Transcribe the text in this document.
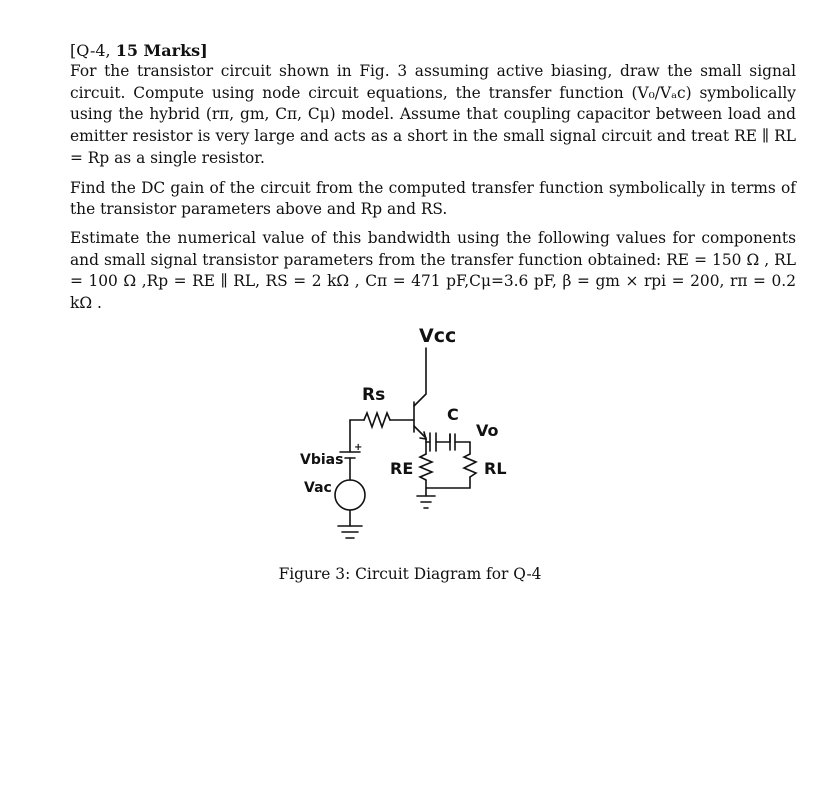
[Q-4, 15 Marks]

For the transistor circuit shown in Fig. 3 assuming active biasing, draw the small signal circuit. Compute using node circuit equations, the transfer function (V₀/Vₐc) symbolically using the hybrid (rπ, gm, Cπ, Cμ) model. Assume that coupling capacitor between load and emitter resistor is very large and acts as a short in the small signal circuit and treat RE ∥ RL = Rp as a single resistor.

Find the DC gain of the circuit from the computed transfer function symbolically in terms of the transistor parameters above and Rp and RS.

Estimate the numerical value of this bandwidth using the following values for components and small signal transistor parameters from the transfer function obtained: RE = 150 Ω , RL = 100 Ω ,Rp = RE ∥ RL, RS = 2 kΩ , Cπ = 471 pF,Cμ=3.6 pF, β = gm × rpi = 200, rπ = 0.2 kΩ .

Vcc
Rs
C
Vo
Vbias
+
RE	RL
Vac

Figure 3: Circuit Diagram for Q-4
